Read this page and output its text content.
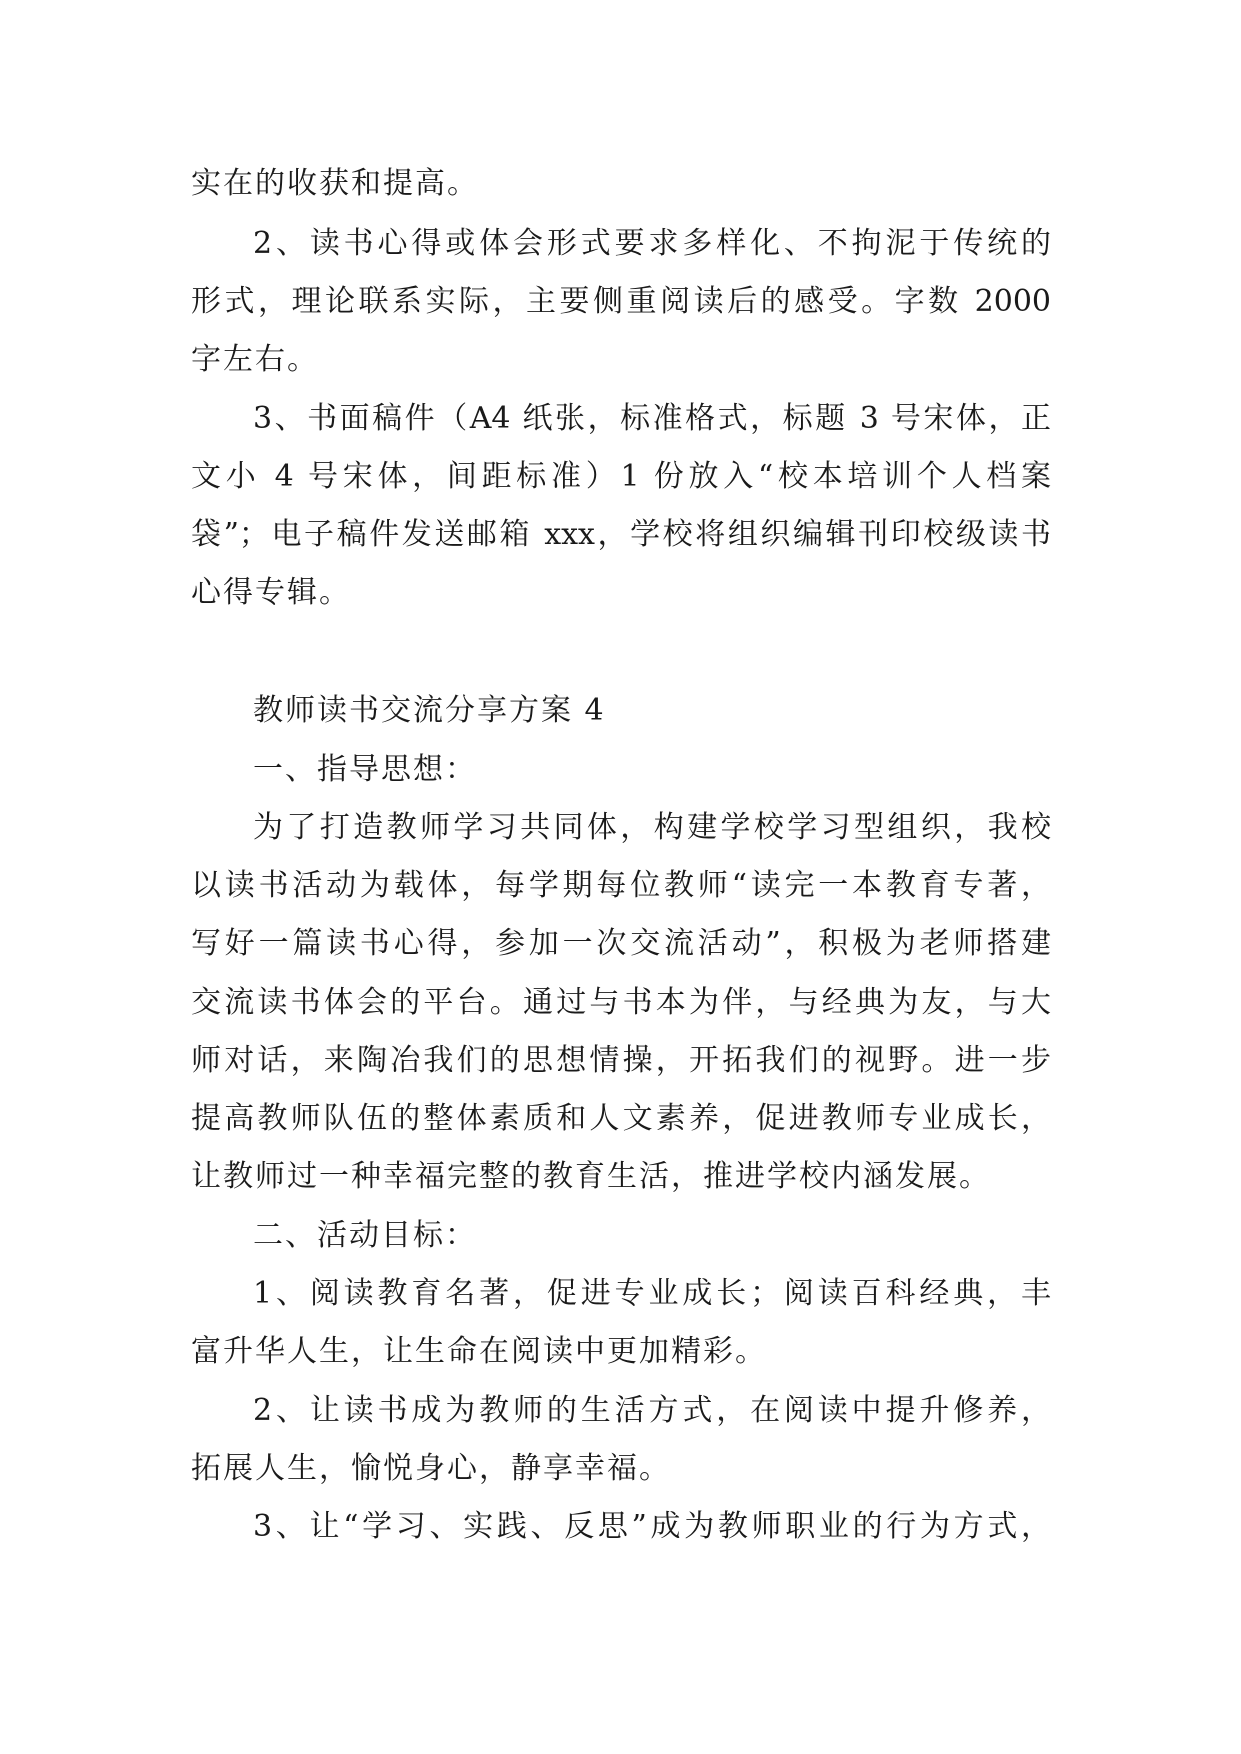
实在的收获和提高。
2、读书心得或体会形式要求多样化、不拘泥于传统的
形式，理论联系实际，主要侧重阅读后的感受。字数 2000
字左右。
3、书面稿件（A4 纸张，标准格式，标题 3 号宋体，正
文小 4 号宋体，间距标准）1 份放入“校本培训个人档案
袋”；电子稿件发送邮箱 xxx，学校将组织编辑刊印校级读书
心得专辑。
教师读书交流分享方案 4
一、指导思想：
为了打造教师学习共同体，构建学校学习型组织，我校
以读书活动为载体，每学期每位教师“读完一本教育专著，
写好一篇读书心得，参加一次交流活动”，积极为老师搭建
交流读书体会的平台。通过与书本为伴，与经典为友，与大
师对话，来陶冶我们的思想情操，开拓我们的视野。进一步
提高教师队伍的整体素质和人文素养，促进教师专业成长，
让教师过一种幸福完整的教育生活，推进学校内涵发展。
二、活动目标：
1、阅读教育名著，促进专业成长；阅读百科经典，丰
富升华人生，让生命在阅读中更加精彩。
2、让读书成为教师的生活方式，在阅读中提升修养，
拓展人生，愉悦身心，静享幸福。
3、让“学习、实践、反思”成为教师职业的行为方式，
